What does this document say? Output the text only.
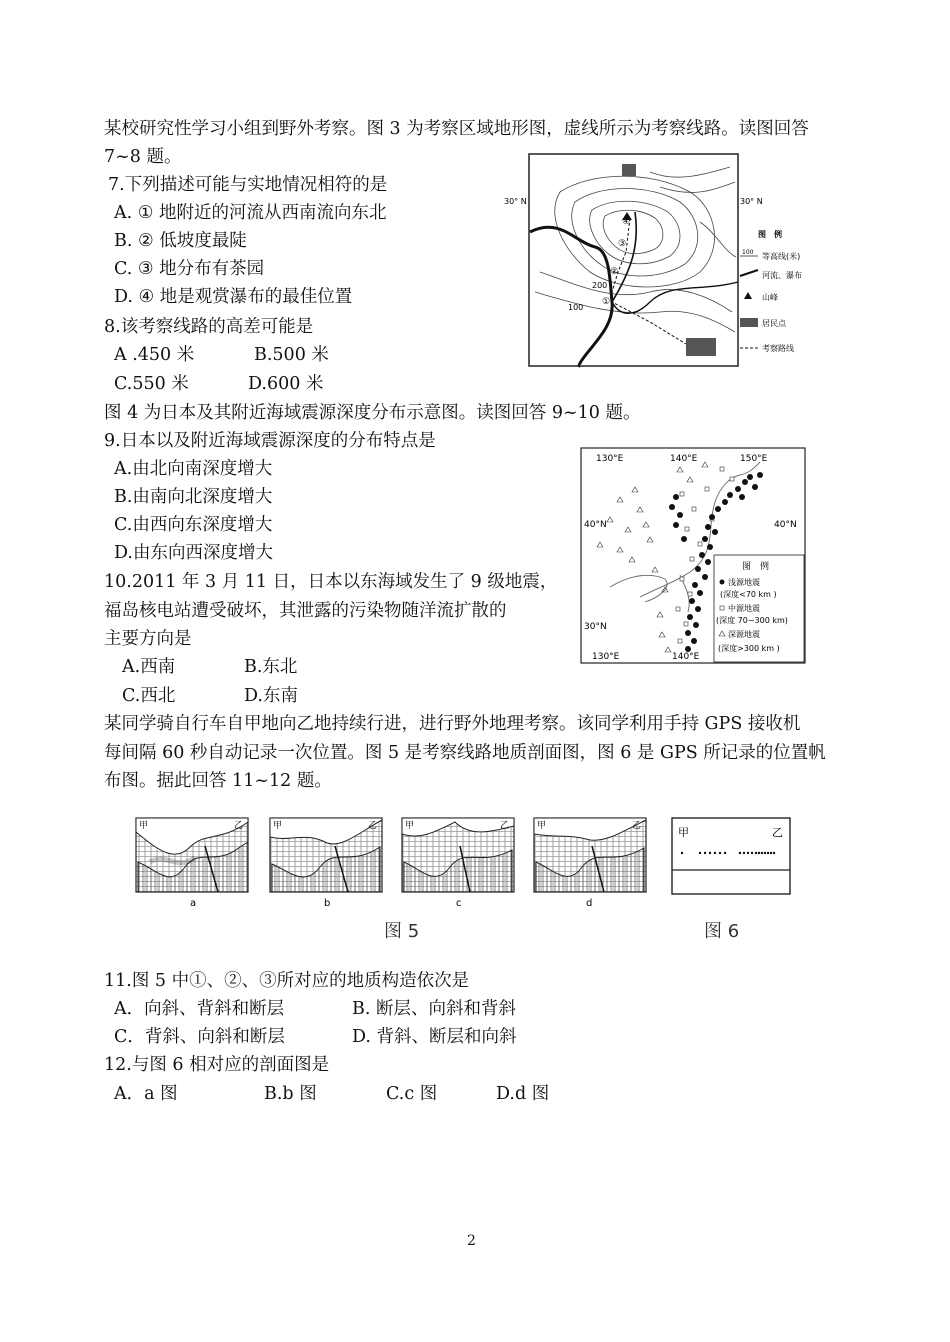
某校研究性学习小组到野外考察。图 3 为考察区域地形图，虚线所示为考察线路。读图回答
7~8 题。
7.下列描述可能与实地情况相符的是
A. ① 地附近的河流从西南流向东北
B. ② 低坡度最陡
C. ③ 地分布有茶园
D. ④ 地是观赏瀑布的最佳位置
8.该考察线路的高差可能是
A .450 米	B.500 米
C.550 米	D.600 米
30° N	30° N
①
②
③
④
200
100
图　例
100 等高线(米)
河流、瀑布
山峰
居民点
考察路线
图 4 为日本及其附近海域震源深度分布示意图。读图回答 9~10 题。
9.日本以及附近海域震源深度的分布特点是
A.由北向南深度增大
B.由南向北深度增大
C.由西向东深度增大
D.由东向西深度增大
10.2011 年 3 月 11 日，日本以东海域发生了 9 级地震，
福岛核电站遭受破坏，其泄露的污染物随洋流扩散的
主要方向是
A.西南	B.东北
C.西北	D.东南
130°E	140°E	150°E
40°N	40°N
30°N
130°E	140°E
图　例
浅源地震
(深度<70 km )
中源地震
(深度 70~300 km)
深源地震
(深度>300 km )
某同学骑自行车自甲地向乙地持续行进，进行野外地理考察。该同学利用手持 GPS 接收机
每间隔 60 秒自动记录一次位置。图 5 是考察线路地质剖面图，图 6 是 GPS 所记录的位置帆
布图。据此回答 11~12 题。
甲	乙
a
甲	乙
b
甲	乙
c
甲	乙
d
图 5
甲	乙
图 6
11.图 5 中①、②、③所对应的地质构造依次是
A．向斜、背斜和断层	B. 断层、向斜和背斜
C．背斜、向斜和断层	D. 背斜、断层和向斜
12.与图 6 相对应的剖面图是
A．a 图	B.b 图	C.c 图	D.d 图
2
